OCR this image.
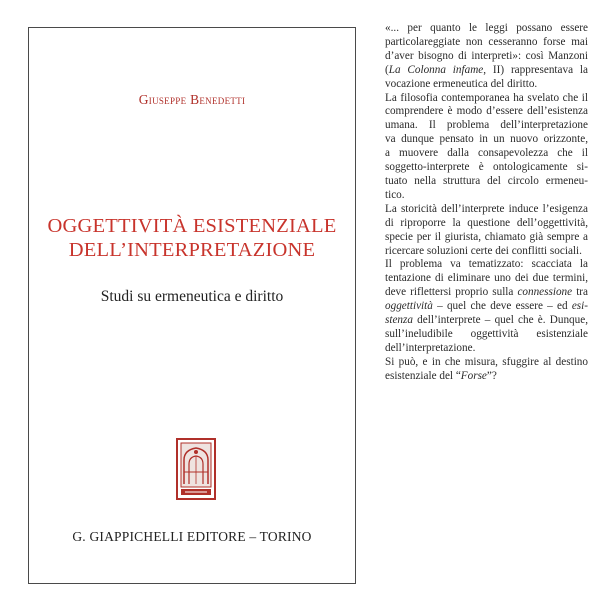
Giuseppe Benedetti
OGGETTIVITÀ ESISTENZIALE
DELL’INTERPRETAZIONE
Studi su ermeneutica e diritto
G. GIAPPICHELLI EDITORE – TORINO
«... per quanto le leggi possano essere
particolareggiate non cesseranno forse mai
d’aver bisogno di interpreti»: così Manzoni
(La Colonna infame, II) rappresentava la
vocazione ermeneutica del diritto.
La filosofia contemporanea ha svelato che il
comprendere è modo d’essere dell’esistenza
umana. Il problema dell’interpretazione
va dunque pensato in un nuovo orizzonte,
a muovere dalla consapevolezza che il
soggetto-interprete è ontologicamente si-
tuato nella struttura del circolo ermeneu-
tico.
La storicità dell’interprete induce l’esigenza
di riproporre la questione dell’oggettività,
specie per il giurista, chiamato già sempre a
ricercare soluzioni certe dei conflitti sociali.
Il problema va tematizzato: scacciata la
tentazione di eliminare uno dei due termini,
deve riflettersi proprio sulla connessione tra
oggettività – quel che deve essere – ed esi-
stenza dell’interprete – quel che è. Dunque,
sull’ineludibile oggettività esistenziale
dell’interpretazione.
Si può, e in che misura, sfuggire al destino
esistenziale del “Forse”?
